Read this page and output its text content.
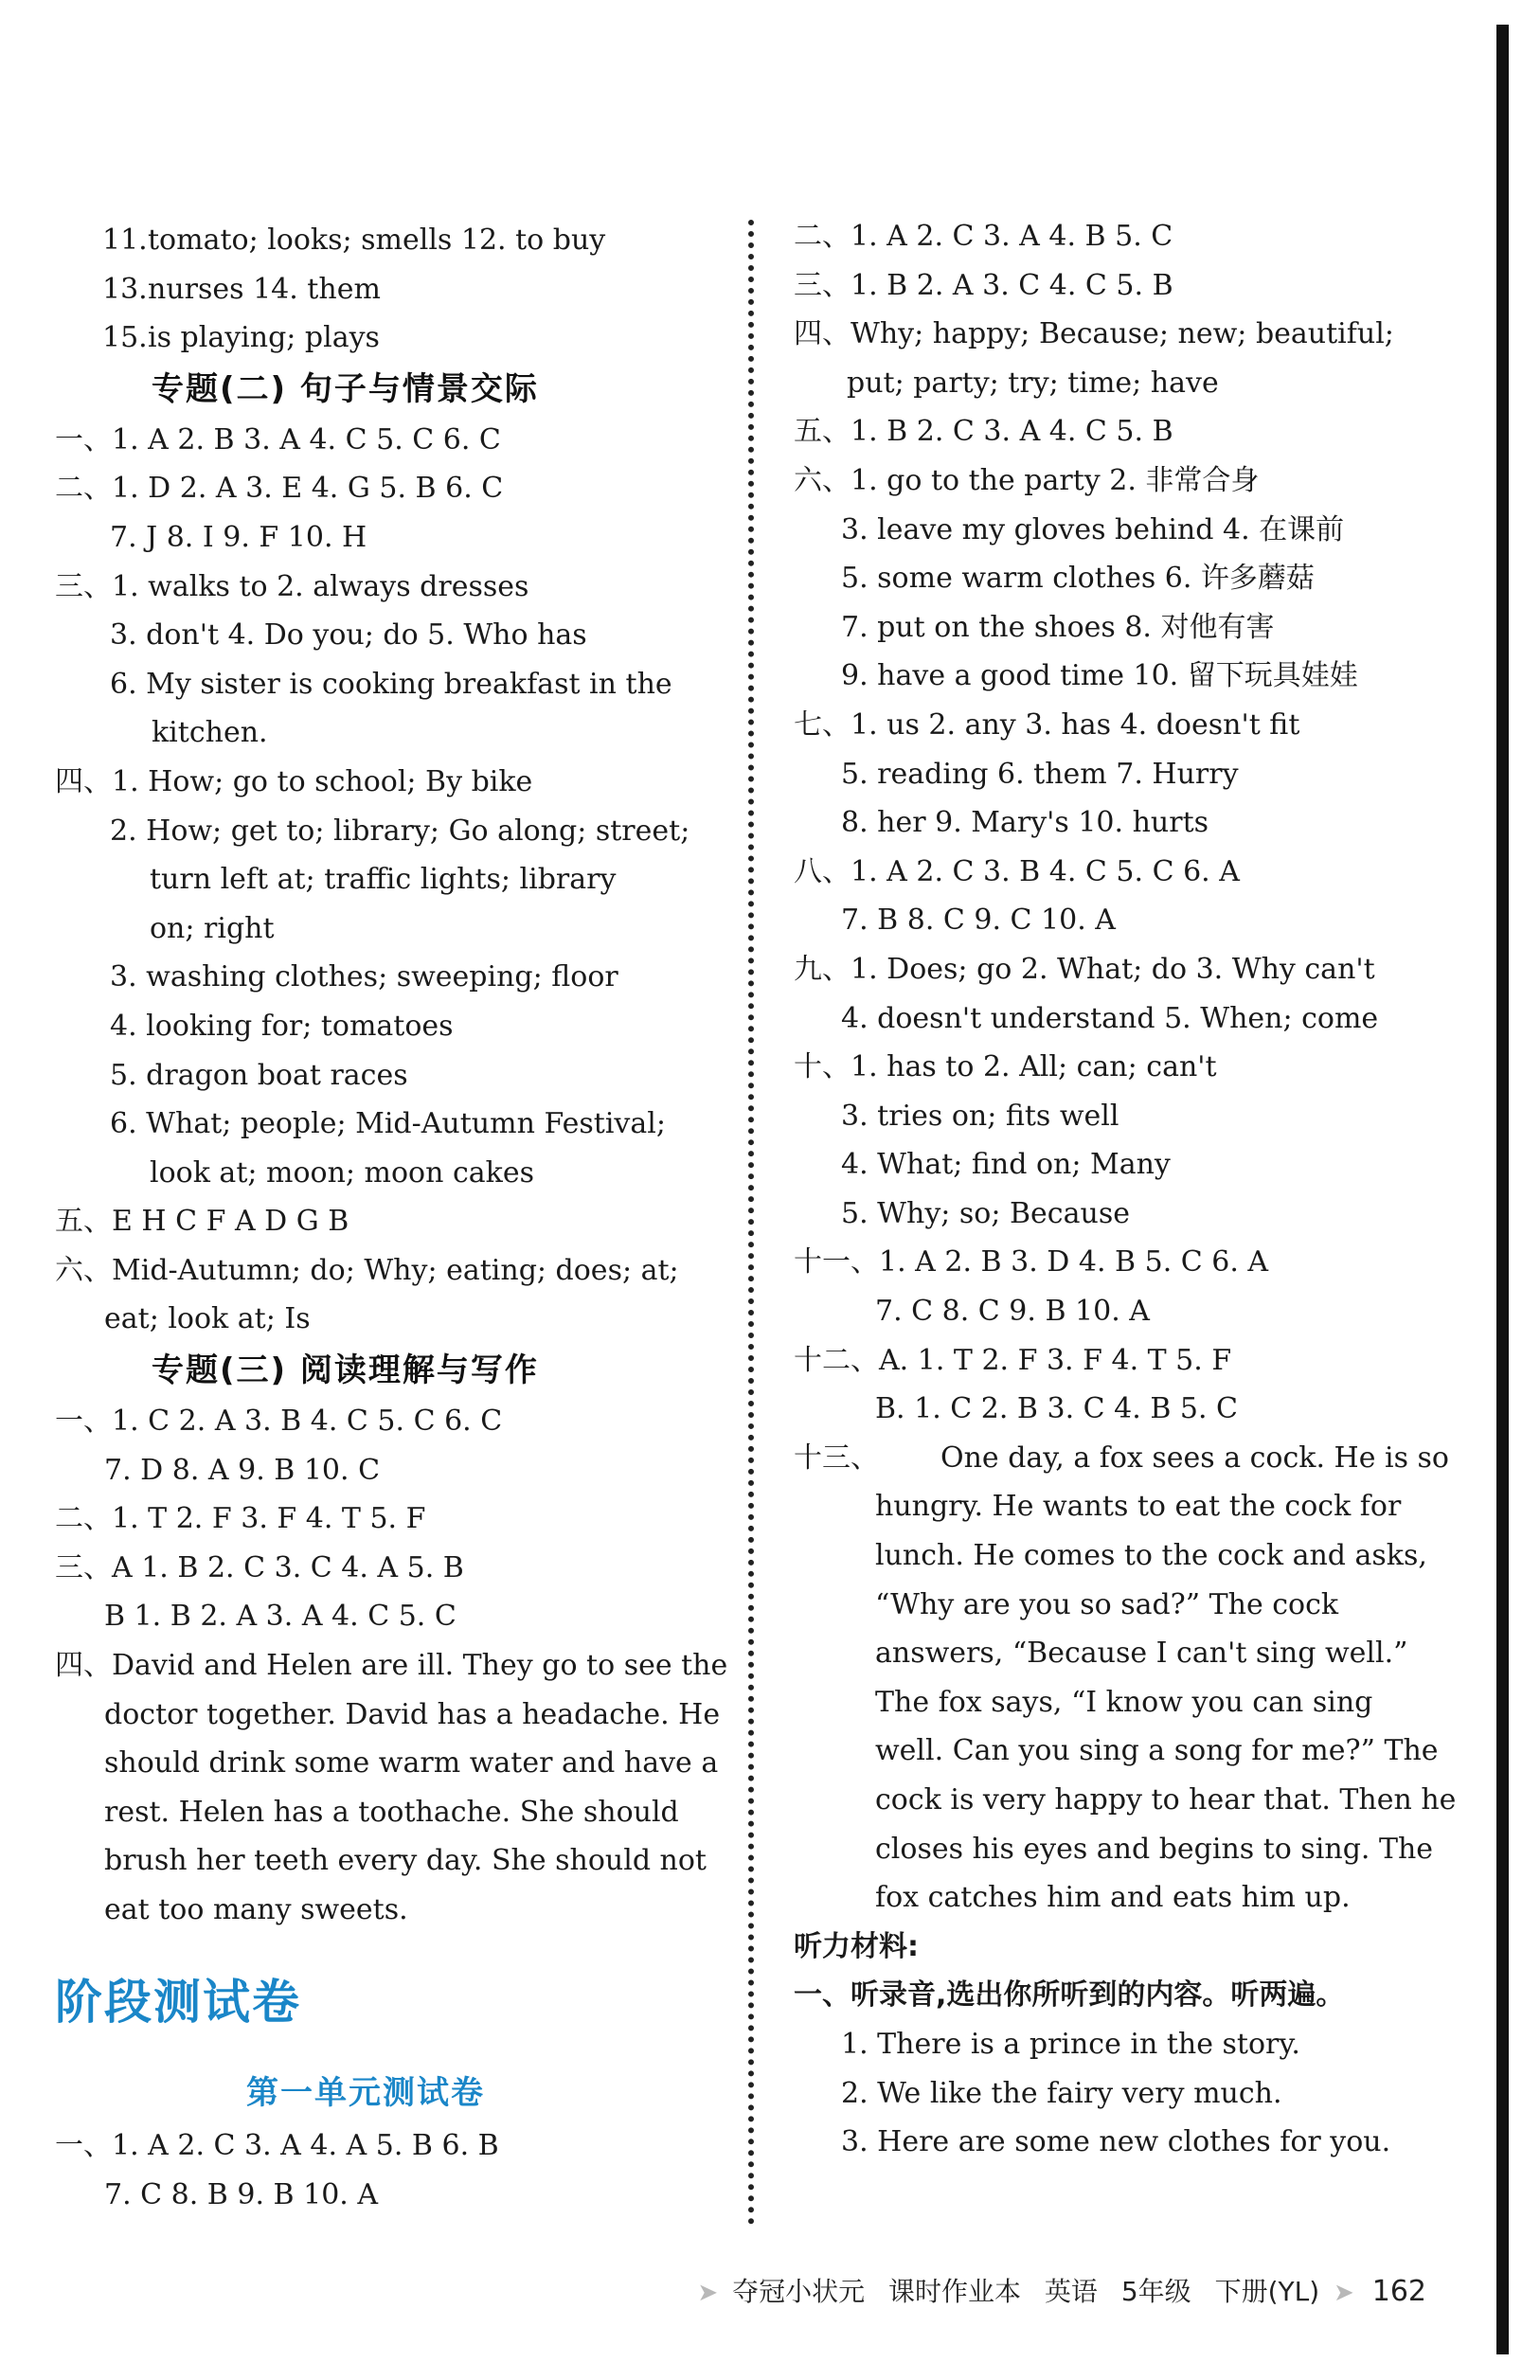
11.tomato; looks; smells 12. to buy
13.nurses 14. them
15.is playing; plays
专题(二) 句子与情景交际
一、1. A 2. B 3. A 4. C 5. C 6. C
二、1. D 2. A 3. E 4. G 5. B 6. C
7. J 8. I 9. F 10. H
三、1. walks to 2. always dresses
3. don't 4. Do you; do 5. Who has
6. My sister is cooking breakfast in the
kitchen.
四、1. How; go to school; By bike
2. How; get to; library; Go along; street;
turn left at; traffic lights; library
on; right
3. washing clothes; sweeping; floor
4. looking for; tomatoes
5. dragon boat races
6. What; people; Mid-Autumn Festival;
look at; moon; moon cakes
五、E H C F A D G B
六、Mid-Autumn; do; Why; eating; does; at;
eat; look at; Is
专题(三) 阅读理解与写作
一、1. C 2. A 3. B 4. C 5. C 6. C
7. D 8. A 9. B 10. C
二、1. T 2. F 3. F 4. T 5. F
三、A 1. B 2. C 3. C 4. A 5. B
B 1. B 2. A 3. A 4. C 5. C
四、David and Helen are ill. They go to see the
doctor together. David has a headache. He
should drink some warm water and have a
rest. Helen has a toothache. She should
brush her teeth every day. She should not
eat too many sweets.
阶段测试卷
第一单元测试卷
一、1. A 2. C 3. A 4. A 5. B 6. B
7. C 8. B 9. B 10. A
二、1. A 2. C 3. A 4. B 5. C
三、1. B 2. A 3. C 4. C 5. B
四、Why; happy; Because; new; beautiful;
put; party; try; time; have
五、1. B 2. C 3. A 4. C 5. B
六、1. go to the party 2. 非常合身
3. leave my gloves behind 4. 在课前
5. some warm clothes 6. 许多蘑菇
7. put on the shoes 8. 对他有害
9. have a good time 10. 留下玩具娃娃
七、1. us 2. any 3. has 4. doesn't fit
5. reading 6. them 7. Hurry
8. her 9. Mary's 10. hurts
八、1. A 2. C 3. B 4. C 5. C 6. A
7. B 8. C 9. C 10. A
九、1. Does; go 2. What; do 3. Why can't
4. doesn't understand 5. When; come
十、1. has to 2. All; can; can't
3. tries on; fits well
4. What; find on; Many
5. Why; so; Because
十一、1. A 2. B 3. D 4. B 5. C 6. A
7. C 8. C 9. B 10. A
十二、A. 1. T 2. F 3. F 4. T 5. F
B. 1. C 2. B 3. C 4. B 5. C
十三、 One day, a fox sees a cock. He is so
hungry. He wants to eat the cock for
lunch. He comes to the cock and asks,
“Why are you so sad?” The cock
answers, “Because I can't sing well.”
The fox says, “I know you can sing
well. Can you sing a song for me?” The
cock is very happy to hear that. Then he
closes his eyes and begins to sing. The
fox catches him and eats him up.
听力材料:
一、听录音,选出你所听到的内容。听两遍。
1. There is a prince in the story.
2. We like the fairy very much.
3. Here are some new clothes for you.
➤ 夺冠小状元 课时作业本 英语 5年级 下册(YL) ➤ 162
